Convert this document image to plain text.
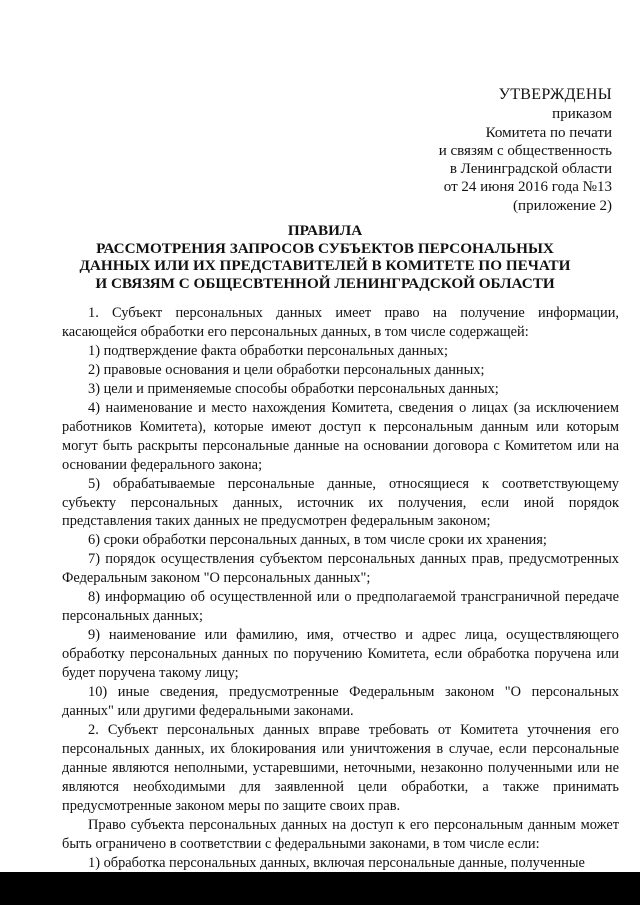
УТВЕРЖДЕНЫ
приказом
Комитета по печати
и связям с общественность
в Ленинградской области
от 24 июня 2016 года №13
(приложение 2)
ПРАВИЛА
РАССМОТРЕНИЯ ЗАПРОСОВ СУБЪЕКТОВ ПЕРСОНАЛЬНЫХ
ДАННЫХ ИЛИ ИХ ПРЕДСТАВИТЕЛЕЙ В КОМИТЕТЕ ПО ПЕЧАТИ
И СВЯЗЯМ С ОБЩЕСВТЕННОЙ ЛЕНИНГРАДСКОЙ ОБЛАСТИ

1. Субъект персональных данных имеет право на получение информации, касающейся обработки его персональных данных, в том числе содержащей:

1) подтверждение факта обработки персональных данных;

2) правовые основания и цели обработки персональных данных;

3) цели и применяемые способы обработки персональных данных;

4) наименование и место нахождения Комитета, сведения о лицах (за исключением работников Комитета), которые имеют доступ к персональным данным или которым могут быть раскрыты персональные данные на основании договора с Комитетом или на основании федерального закона;

5) обрабатываемые персональные данные, относящиеся к соответствующему субъекту персональных данных, источник их получения, если иной порядок представления таких данных не предусмотрен федеральным законом;

6) сроки обработки персональных данных, в том числе сроки их хранения;

7) порядок осуществления субъектом персональных данных прав, предусмотренных Федеральным законом "О персональных данных";

8) информацию об осуществленной или о предполагаемой трансграничной передаче персональных данных;

9) наименование или фамилию, имя, отчество и адрес лица, осуществляющего обработку персональных данных по поручению Комитета, если обработка поручена или будет поручена такому лицу;

10) иные сведения, предусмотренные Федеральным законом "О персональных данных" или другими федеральными законами.

2. Субъект персональных данных вправе требовать от Комитета уточнения его персональных данных, их блокирования или уничтожения в случае, если персональные данные являются неполными, устаревшими, неточными, незаконно полученными или не являются необходимыми для заявленной цели обработки, а также принимать предусмотренные законом меры по защите своих прав.

Право субъекта персональных данных на доступ к его персональным данным может быть ограничено в соответствии с федеральными законами, в том числе если:

1) обработка персональных данных, включая персональные данные, полученные
